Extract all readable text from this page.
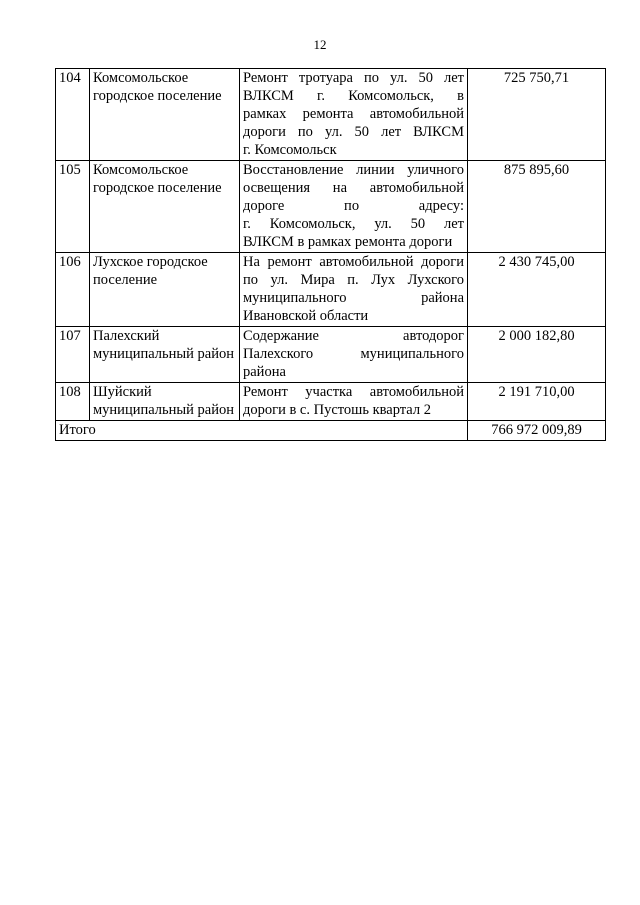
12
104	Комсомольское городское поселение	Ремонт тротуара по ул. 50 лет
ВЛКСМ г. Комсомольск, в
рамках ремонта автомобильной
дороги по ул. 50 лет ВЛКСМ
г. Комсомольск	725 750,71
105	Комсомольское городское поселение	Восстановление линии уличного
освещения на автомобильной
дороге по адресу:
г. Комсомольск, ул. 50 лет
ВЛКСМ в рамках ремонта дороги	875 895,60
106	Лухское городское поселение	На ремонт автомобильной дороги
по ул. Мира п. Лух Лухского
муниципального района
Ивановской области	2 430 745,00
107	Палехский муниципальный район	Содержание автодорог
Палехского муниципального
района	2 000 182,80
108	Шуйский муниципальный район	Ремонт участка автомобильной
дороги в с. Пустошь квартал 2	2 191 710,00
Итого			766 972 009,89
